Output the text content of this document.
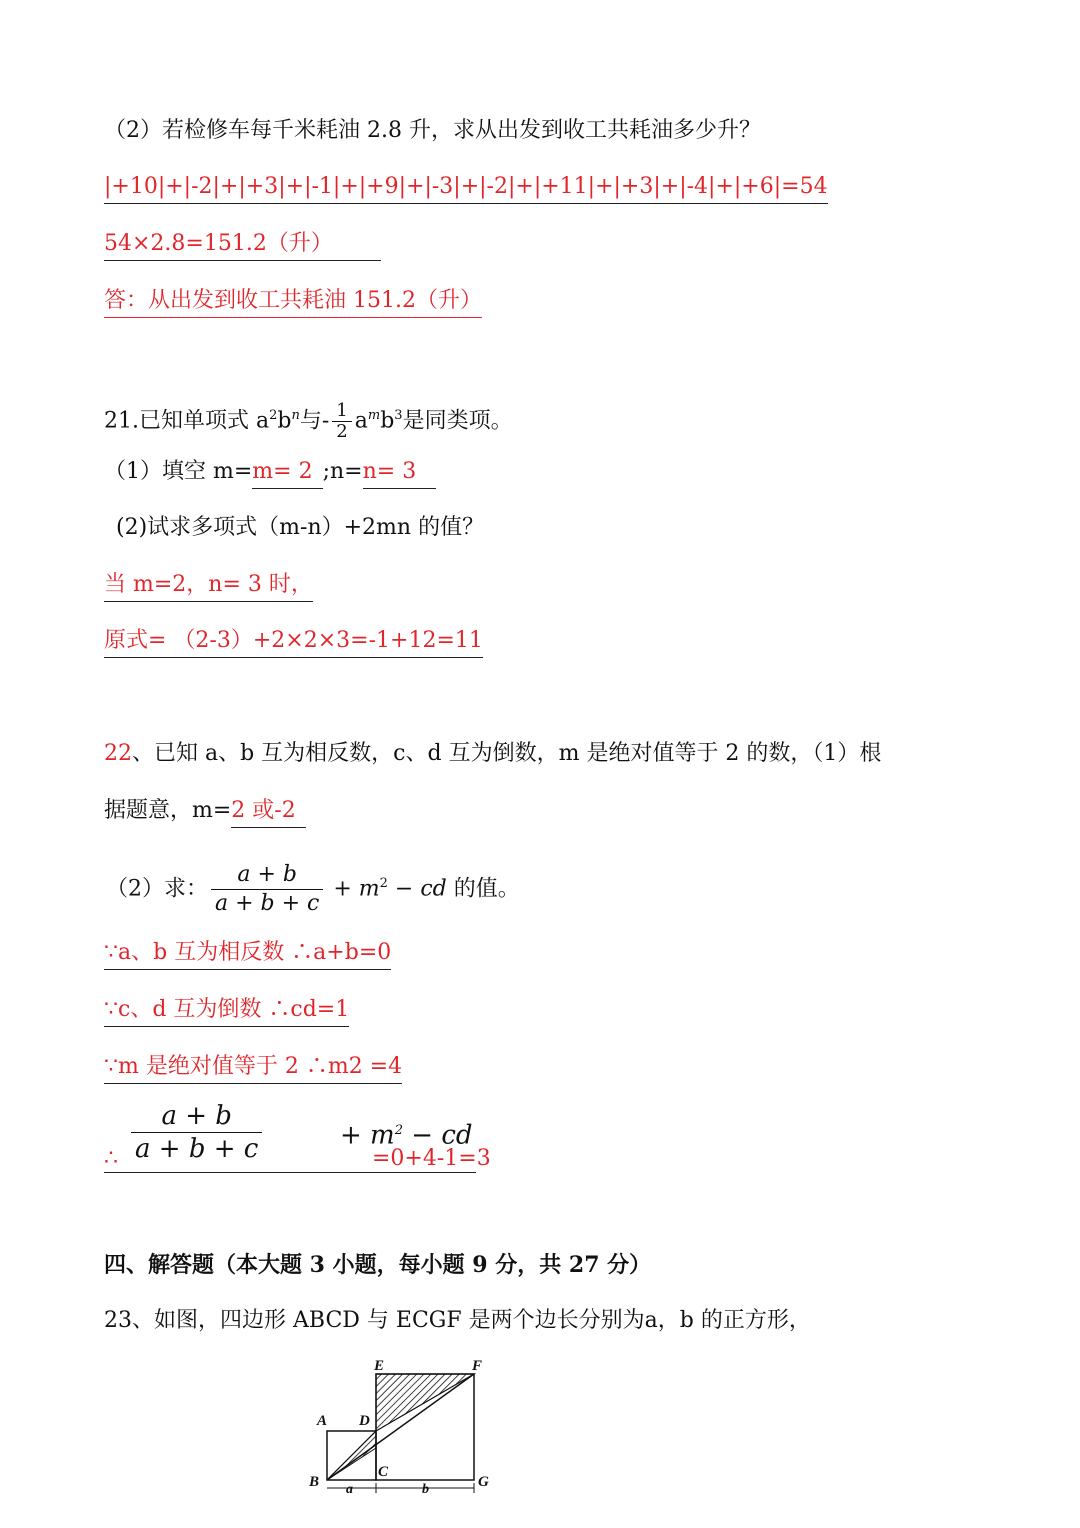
（2）若检修车每千米耗油 2.8 升，求从出发到收工共耗油多少升？
|+10|+|-2|+|+3|+|-1|+|+9|+|-3|+|-2|+|+11|+|+3|+|-4|+|+6|=54
54×2.8=151.2（升）
答：从出发到收工共耗油 151.2（升）
21.已知单项式 $a^2b^n$与- $\frac{1}{2} a^mb^3$是同类项。
（1）填空 m=m= 2;n=n= 3
(2)试求多项式（m-n）+2mn 的值？
当 m=2，n= 3 时，
原式= （2-3）+2×2×3=-1+12=11
22、已知 a、b 互为相反数，c、d 互为倒数，m 是绝对值等于 2 的数，（1）根
据题意，m=2 或-2
（2）求： $\frac{a + b}{a + b + c} + m^2$ − cd 的值。
∵a、b 互为相反数 ∴a+b=0
∵c、d 互为倒数 ∴cd=1
∵m 是绝对值等于 2 ∴m2 =4
∴ $\frac{a + b}{a + b + c}$	+ $m^2$ − cd
=0+4-1=3
四、解答题（本大题 3 小题，每小题 9 分，共 27 分）
23、如图，四边形 ABCD 与 ECGF 是两个边长分别为a，b 的正方形，
A D
E	F
B
C
G
a	b
